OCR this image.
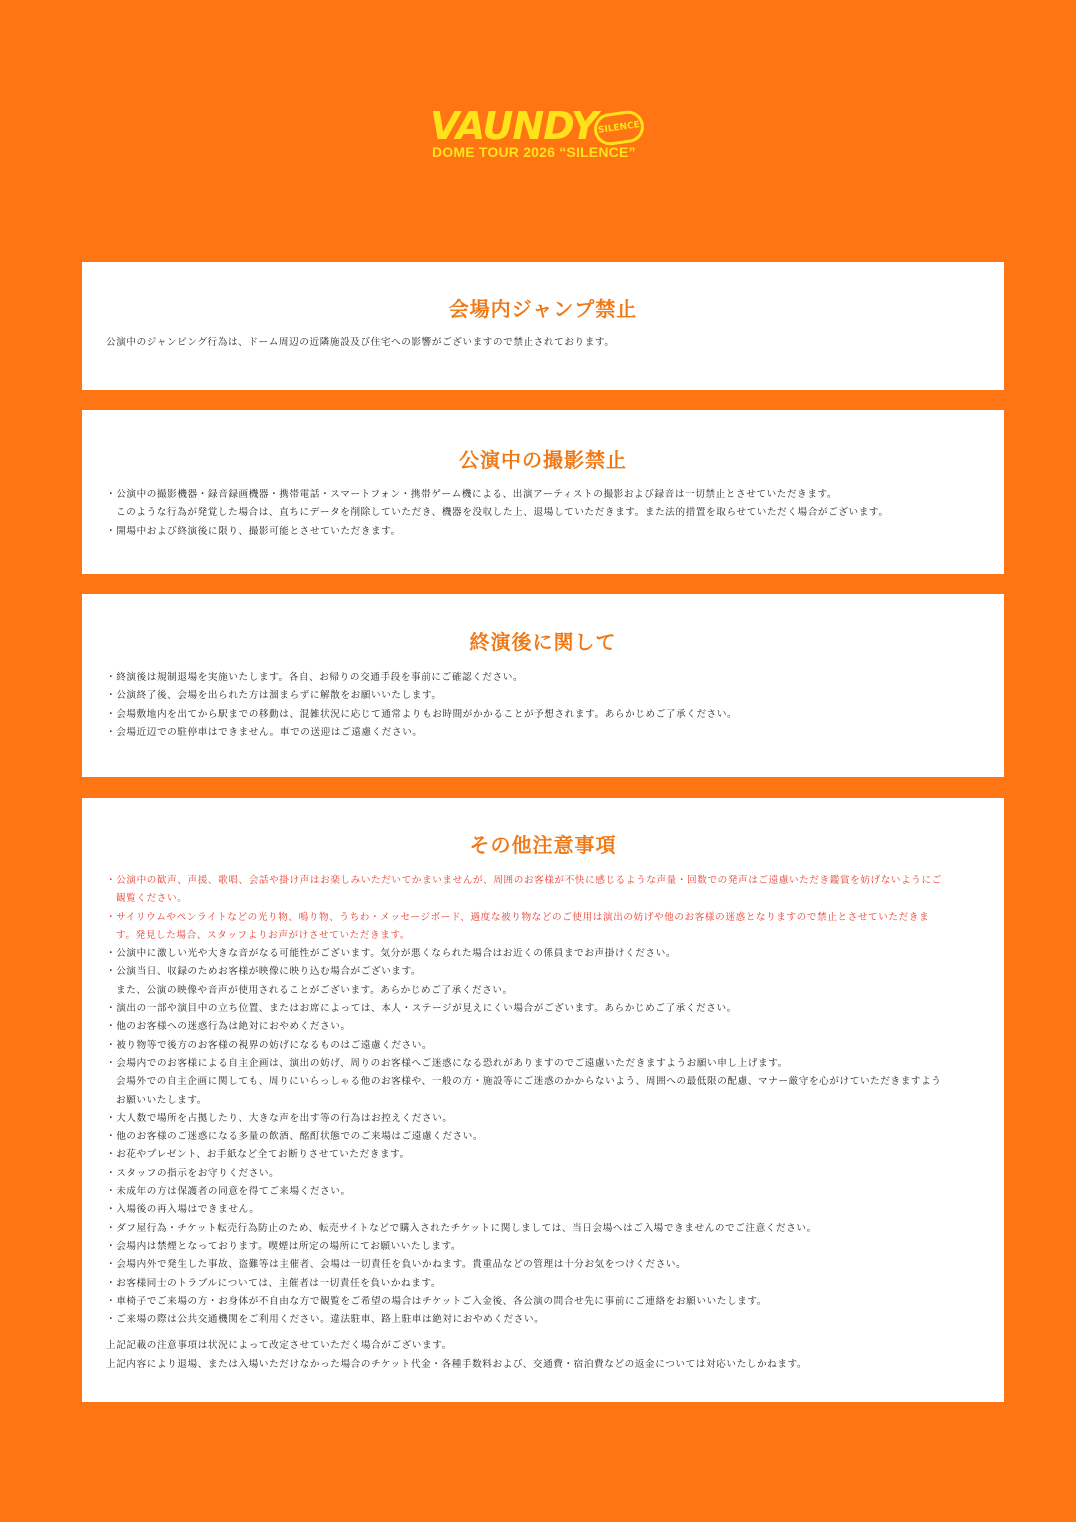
VAUNDY SILENCE
DOME TOUR 2026 “SILENCE”
会場内ジャンプ禁止
公演中のジャンピング行為は、ドーム周辺の近隣施設及び住宅への影響がございますので禁止されております。
公演中の撮影禁止
・公演中の撮影機器・録音録画機器・携帯電話・スマートフォン・携帯ゲーム機による、出演アーティストの撮影および録音は一切禁止とさせていただきます。
このような行為が発覚した場合は、直ちにデータを削除していただき、機器を没収した上、退場していただきます。また法的措置を取らせていただく場合がございます。
・開場中および終演後に限り、撮影可能とさせていただきます。
終演後に関して
・終演後は規制退場を実施いたします。各自、お帰りの交通手段を事前にご確認ください。
・公演終了後、会場を出られた方は溜まらずに解散をお願いいたします。
・会場敷地内を出てから駅までの移動は、混雑状況に応じて通常よりもお時間がかかることが予想されます。あらかじめご了承ください。
・会場近辺での駐停車はできません。車での送迎はご遠慮ください。
その他注意事項
・公演中の歓声、声援、歌唱、会話や掛け声はお楽しみいただいてかまいませんが、周囲のお客様が不快に感じるような声量・回数での発声はご遠慮いただき鑑賞を妨げないようにご
観覧ください。
・サイリウムやペンライトなどの光り物、鳴り物、うちわ・メッセージボード、過度な被り物などのご使用は演出の妨げや他のお客様の迷惑となりますので禁止とさせていただきま
す。発見した場合、スタッフよりお声がけさせていただきます。
・公演中に激しい光や大きな音がなる可能性がございます。気分が悪くなられた場合はお近くの係員までお声掛けください。
・公演当日、収録のためお客様が映像に映り込む場合がございます。
また、公演の映像や音声が使用されることがございます。あらかじめご了承ください。
・演出の一部や演目中の立ち位置、またはお席によっては、本人・ステージが見えにくい場合がございます。あらかじめご了承ください。
・他のお客様への迷惑行為は絶対におやめください。
・被り物等で後方のお客様の視界の妨げになるものはご遠慮ください。
・会場内でのお客様による自主企画は、演出の妨げ、周りのお客様へご迷惑になる恐れがありますのでご遠慮いただきますようお願い申し上げます。
会場外での自主企画に関しても、周りにいらっしゃる他のお客様や、一般の方・施設等にご迷惑のかからないよう、周囲への最低限の配慮、マナー厳守を心がけていただきますよう
お願いいたします。
・大人数で場所を占拠したり、大きな声を出す等の行為はお控えください。
・他のお客様のご迷惑になる多量の飲酒、酩酊状態でのご来場はご遠慮ください。
・お花やプレゼント、お手紙など全てお断りさせていただきます。
・スタッフの指示をお守りください。
・未成年の方は保護者の同意を得てご来場ください。
・入場後の再入場はできません。
・ダフ屋行為・チケット転売行為防止のため、転売サイトなどで購入されたチケットに関しましては、当日会場へはご入場できませんのでご注意ください。
・会場内は禁煙となっております。喫煙は所定の場所にてお願いいたします。
・会場内外で発生した事故、盗難等は主催者、会場は一切責任を負いかねます。貴重品などの管理は十分お気をつけください。
・お客様同士のトラブルについては、主催者は一切責任を負いかねます。
・車椅子でご来場の方・お身体が不自由な方で観覧をご希望の場合はチケットご入金後、各公演の問合せ先に事前にご連絡をお願いいたします。
・ご来場の際は公共交通機関をご利用ください。違法駐車、路上駐車は絶対におやめください。
上記記載の注意事項は状況によって改定させていただく場合がございます。
上記内容により退場、または入場いただけなかった場合のチケット代金・各種手数料および、交通費・宿泊費などの返金については対応いたしかねます。
